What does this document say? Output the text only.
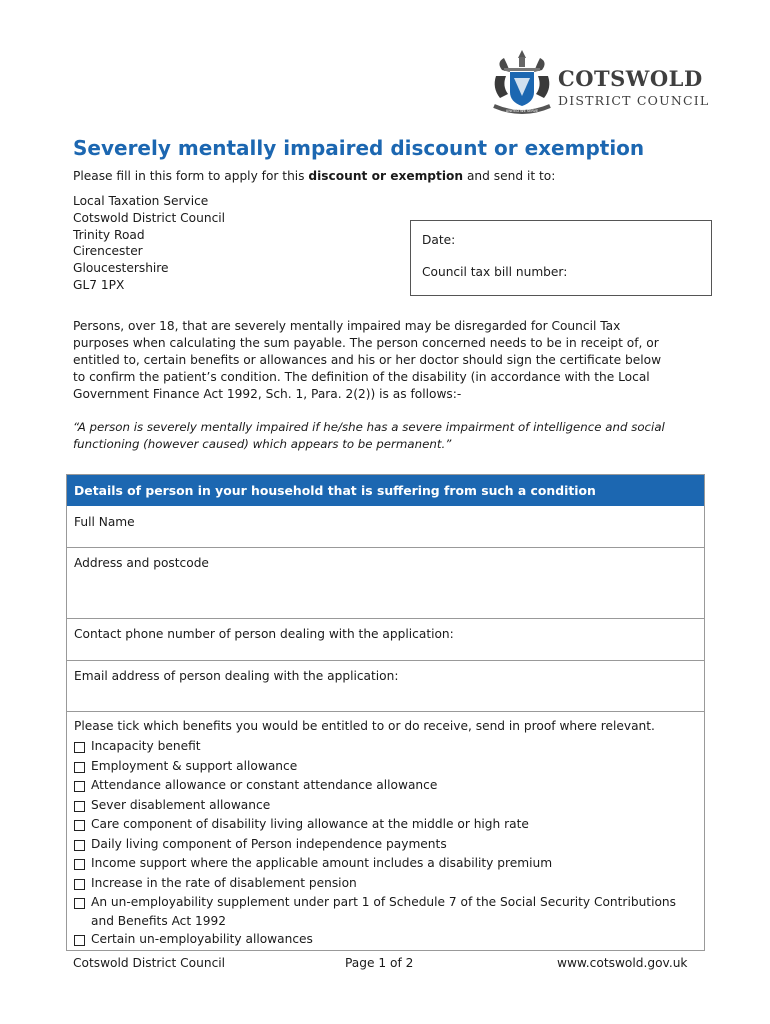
UNITED WE SERVE
COTSWOLD
DISTRICT COUNCIL
Severely mentally impaired discount or exemption
Please fill in this form to apply for this discount or exemption and send it to:
Local Taxation Service
Cotswold District Council
Trinity Road
Cirencester
Gloucestershire
GL7 1PX
Date:
Council tax bill number:
Persons, over 18, that are severely mentally impaired may be disregarded for Council Tax
purposes when calculating the sum payable. The person concerned needs to be in receipt of, or
entitled to, certain benefits or allowances and his or her doctor should sign the certificate below
to confirm the patient’s condition. The definition of the disability (in accordance with the Local
Government Finance Act 1992, Sch. 1, Para. 2(2)) is as follows:-
“A person is severely mentally impaired if he/she has a severe impairment of intelligence and social
functioning (however caused) which appears to be permanent.”
Details of person in your household that is suffering from such a condition
Full Name
Address and postcode
Contact phone number of person dealing with the application:
Email address of person dealing with the application:
Please tick which benefits you would be entitled to or do receive, send in proof where relevant.
Incapacity benefit
Employment & support allowance
Attendance allowance or constant attendance allowance
Sever disablement allowance
Care component of disability living allowance at the middle or high rate
Daily living component of Person independence payments
Income support where the applicable amount includes a disability premium
Increase in the rate of disablement pension
An un-employability supplement under part 1 of Schedule 7 of the Social Security Contributions
and Benefits Act 1992
Certain un-employability allowances
Cotswold District Council	Page 1 of 2	www.cotswold.gov.uk
